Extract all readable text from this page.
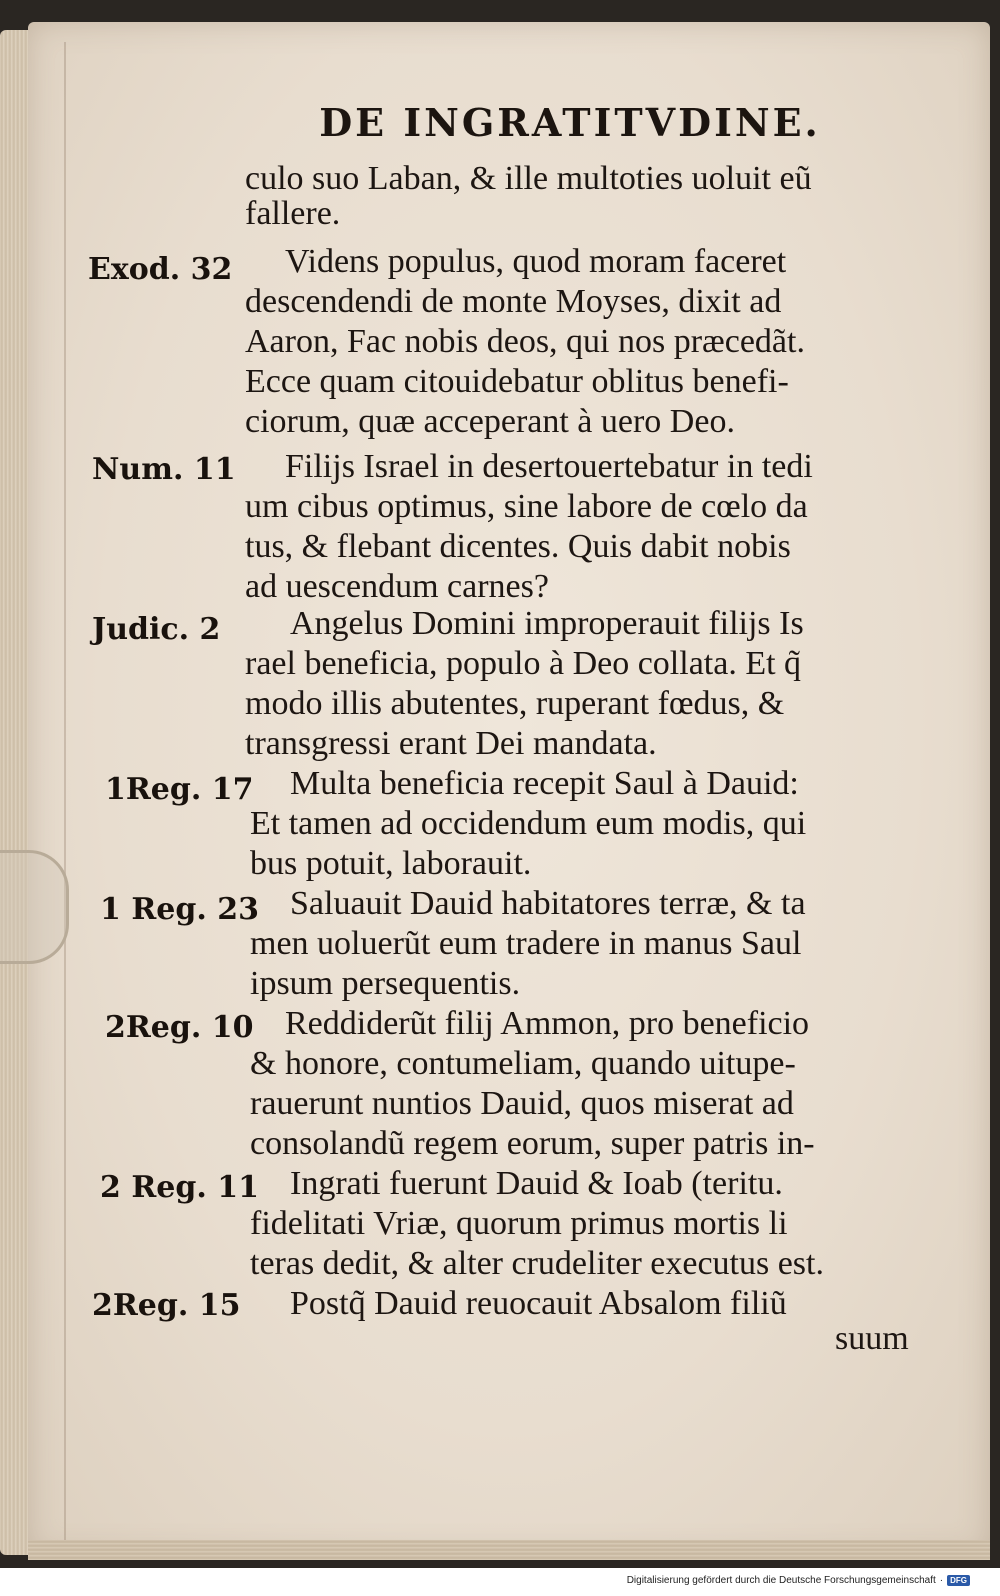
DE INGRATITVDINE.
culo suo Laban, & ille multoties uoluit eũ
fallere.
Videns populus, quod moram faceret
descendendi de monte Moyses, dixit ad
Aaron, Fac nobis deos, qui nos præcedãt.
Ecce quam citouidebatur oblitus benefi-
ciorum, quæ acceperant à uero Deo.
Filijs Israel in desertouertebatur in tedi
um cibus optimus, sine labore de cœlo da
tus, & flebant dicentes. Quis dabit nobis
ad uescendum carnes?
Angelus Domini improperauit filijs Is
rael beneficia, populo à Deo collata. Et q̃
modo illis abutentes, ruperant fœdus, &
transgressi erant Dei mandata.
Multa beneficia recepit Saul à Dauid:
Et tamen ad occidendum eum modis, qui
bus potuit, laborauit.
Saluauit Dauid habitatores terræ, & ta
men uoluerũt eum tradere in manus Saul
ipsum persequentis.
Reddiderũt filij Ammon, pro beneficio
& honore, contumeliam, quando uitupe-
rauerunt nuntios Dauid, quos miserat ad
consolandũ regem eorum, super patris in-
Ingrati fuerunt Dauid & Ioab (teritu.
fidelitati Vriæ, quorum primus mortis li
teras dedit, & alter crudeliter executus est.
Postq̃ Dauid reuocauit Absalom filiũ
suum
Exod. 32
Num. 11
Judic. 2
1Reg. 17
1 Reg. 23
2Reg. 10
2 Reg. 11
2Reg. 15
Digitalisierung gefördert durch die Deutsche Forschungsgemeinschaft · DFG
